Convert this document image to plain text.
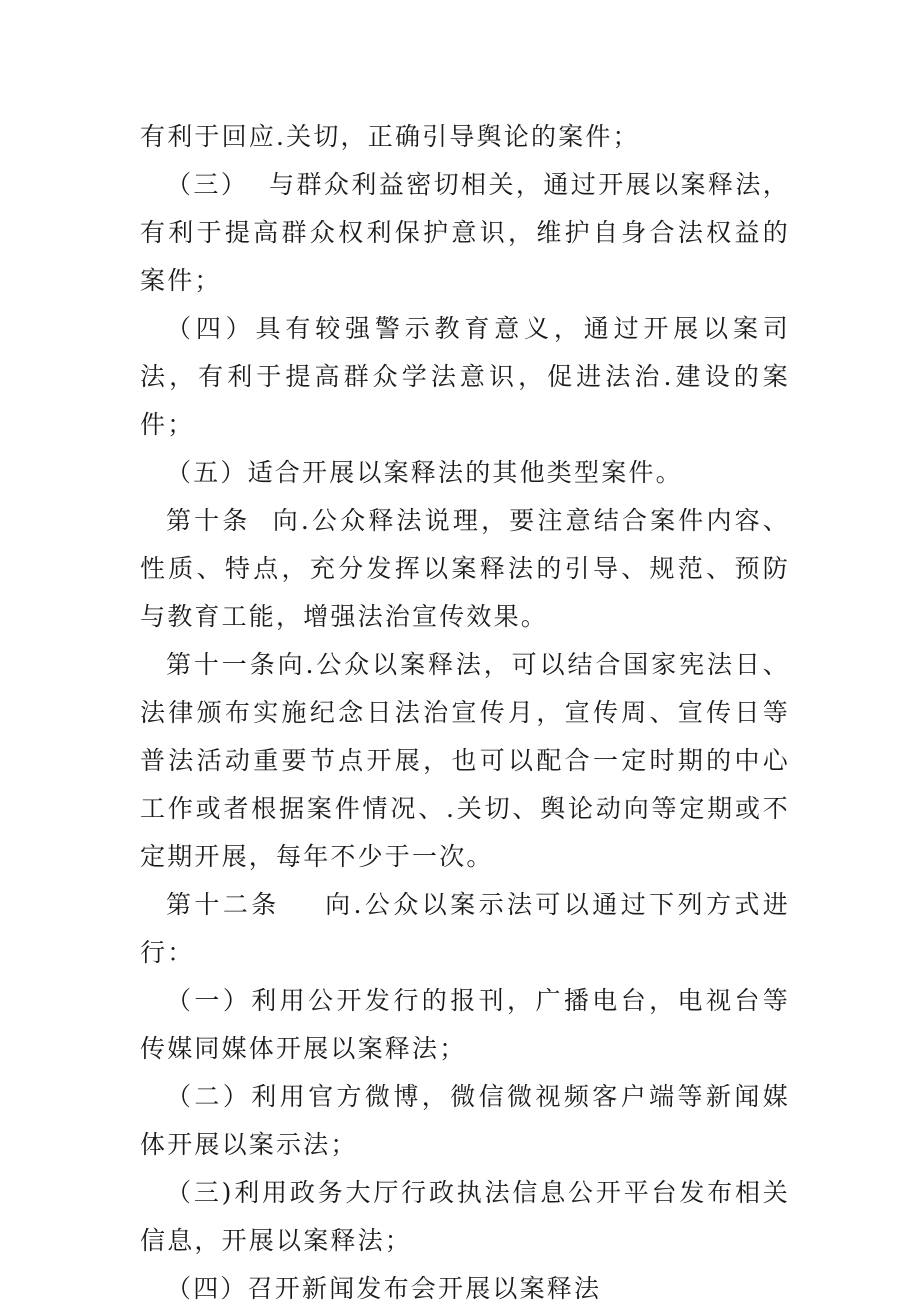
有利于回应.关切，正确引导舆论的案件；

（三）  与群众利益密切相关，通过开展以案释法，有利于提高群众权利保护意识，维护自身合法权益的案件；

（四）具有较强警示教育意义，通过开展以案司法，有利于提高群众学法意识，促进法治.建设的案件；

（五）适合开展以案释法的其他类型案件。

第十条  向.公众释法说理，要注意结合案件内容、性质、特点，充分发挥以案释法的引导、规范、预防与教育工能，增强法治宣传效果。

第十一条向.公众以案释法，可以结合国家宪法日、法律颁布实施纪念日法治宣传月，宣传周、宣传日等普法活动重要节点开展，也可以配合一定时期的中心工作或者根据案件情况、.关切、舆论动向等定期或不定期开展，每年不少于一次。

第十二条    向.公众以案示法可以通过下列方式进行：

（一）利用公开发行的报刊，广播电台，电视台等传媒同媒体开展以案释法；

（二）利用官方微博，微信微视频客户端等新闻媒体开展以案示法；

（三)利用政务大厅行政执法信息公开平台发布相关信息，开展以案释法；

（四）召开新闻发布会开展以案释法
